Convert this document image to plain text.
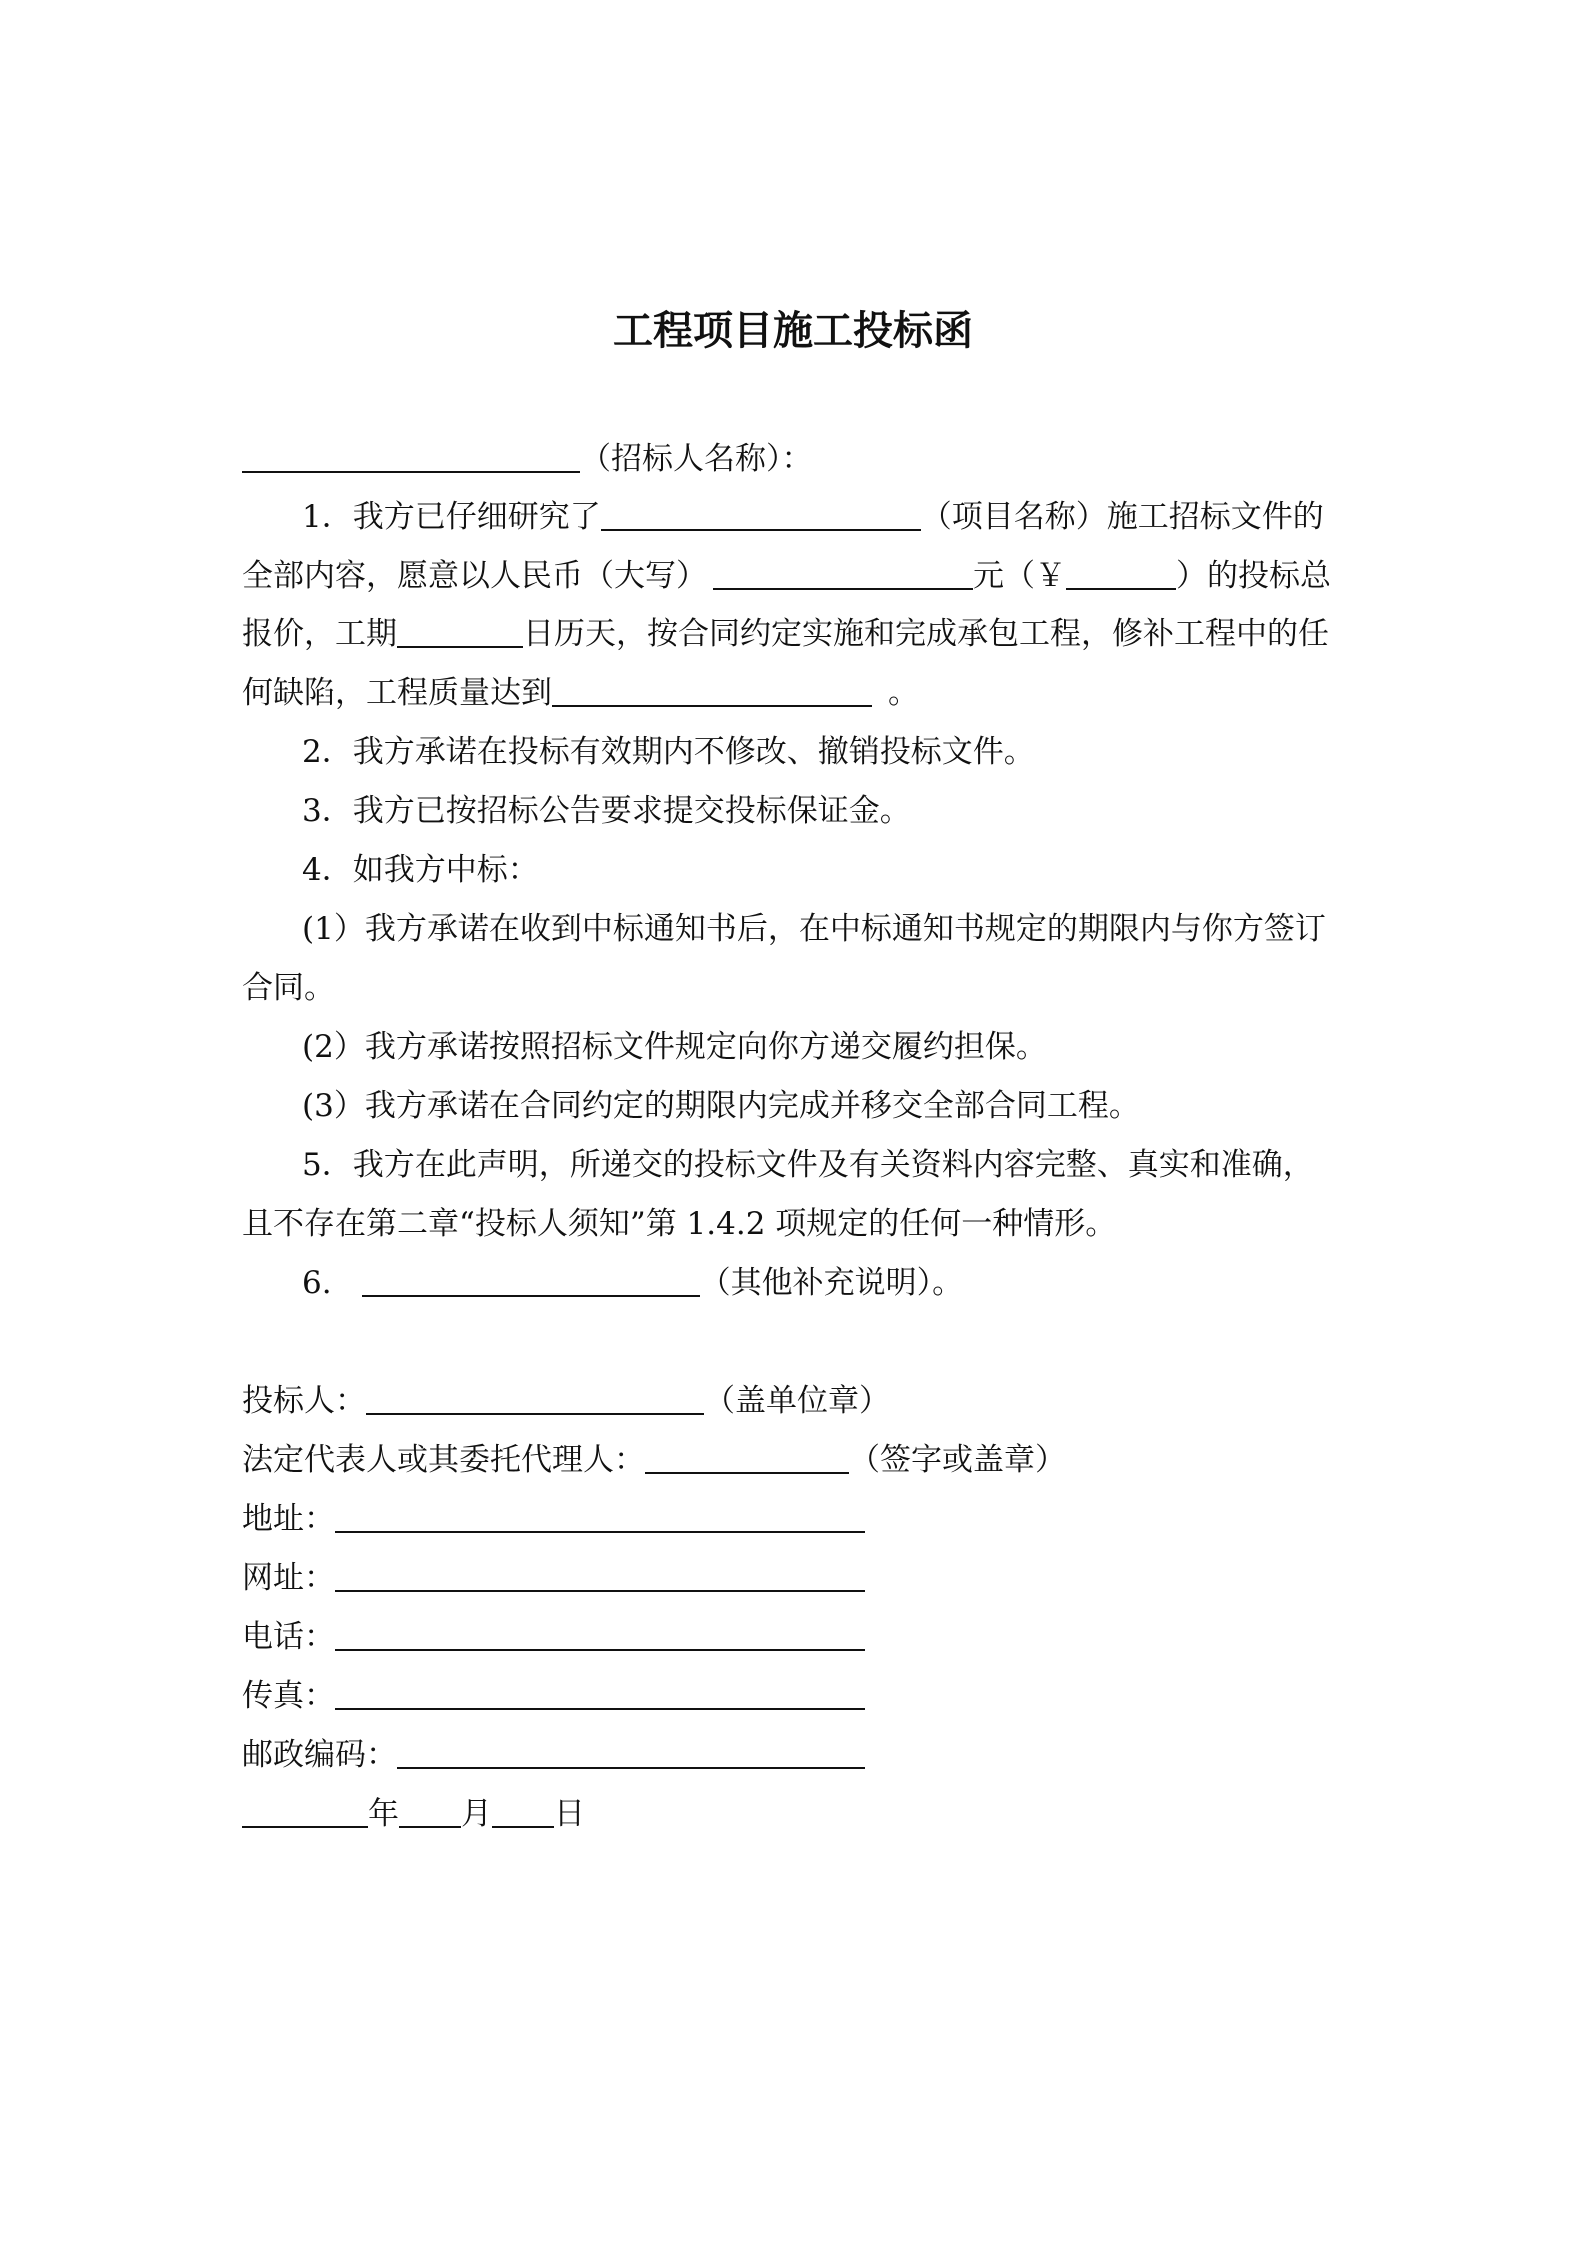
工程项目施工投标函
（招标人名称）：
1．我方已仔细研究了	（项目名称）施工招标文件的
全部内容，愿意以人民币（大写）	元（￥	）的投标总
报价，工期	日历天，按合同约定实施和完成承包工程，修补工程中的任
何缺陷，工程质量达到	。
2．我方承诺在投标有效期内不修改、撤销投标文件。
3．我方已按招标公告要求提交投标保证金。
4．如我方中标：
(1）我方承诺在收到中标通知书后，在中标通知书规定的期限内与你方签订
合同。
(2）我方承诺按照招标文件规定向你方递交履约担保。
(3）我方承诺在合同约定的期限内完成并移交全部合同工程。
5．我方在此声明，所递交的投标文件及有关资料内容完整、真实和准确，
且不存在第二章“投标人须知”第 1.4.2 项规定的任何一种情形。
6.	（其他补充说明）。
投标人：	（盖单位章）
法定代表人或其委托代理人：	（签字或盖章）
地址：
网址：
电话：
传真：
邮政编码：
年 月 日
